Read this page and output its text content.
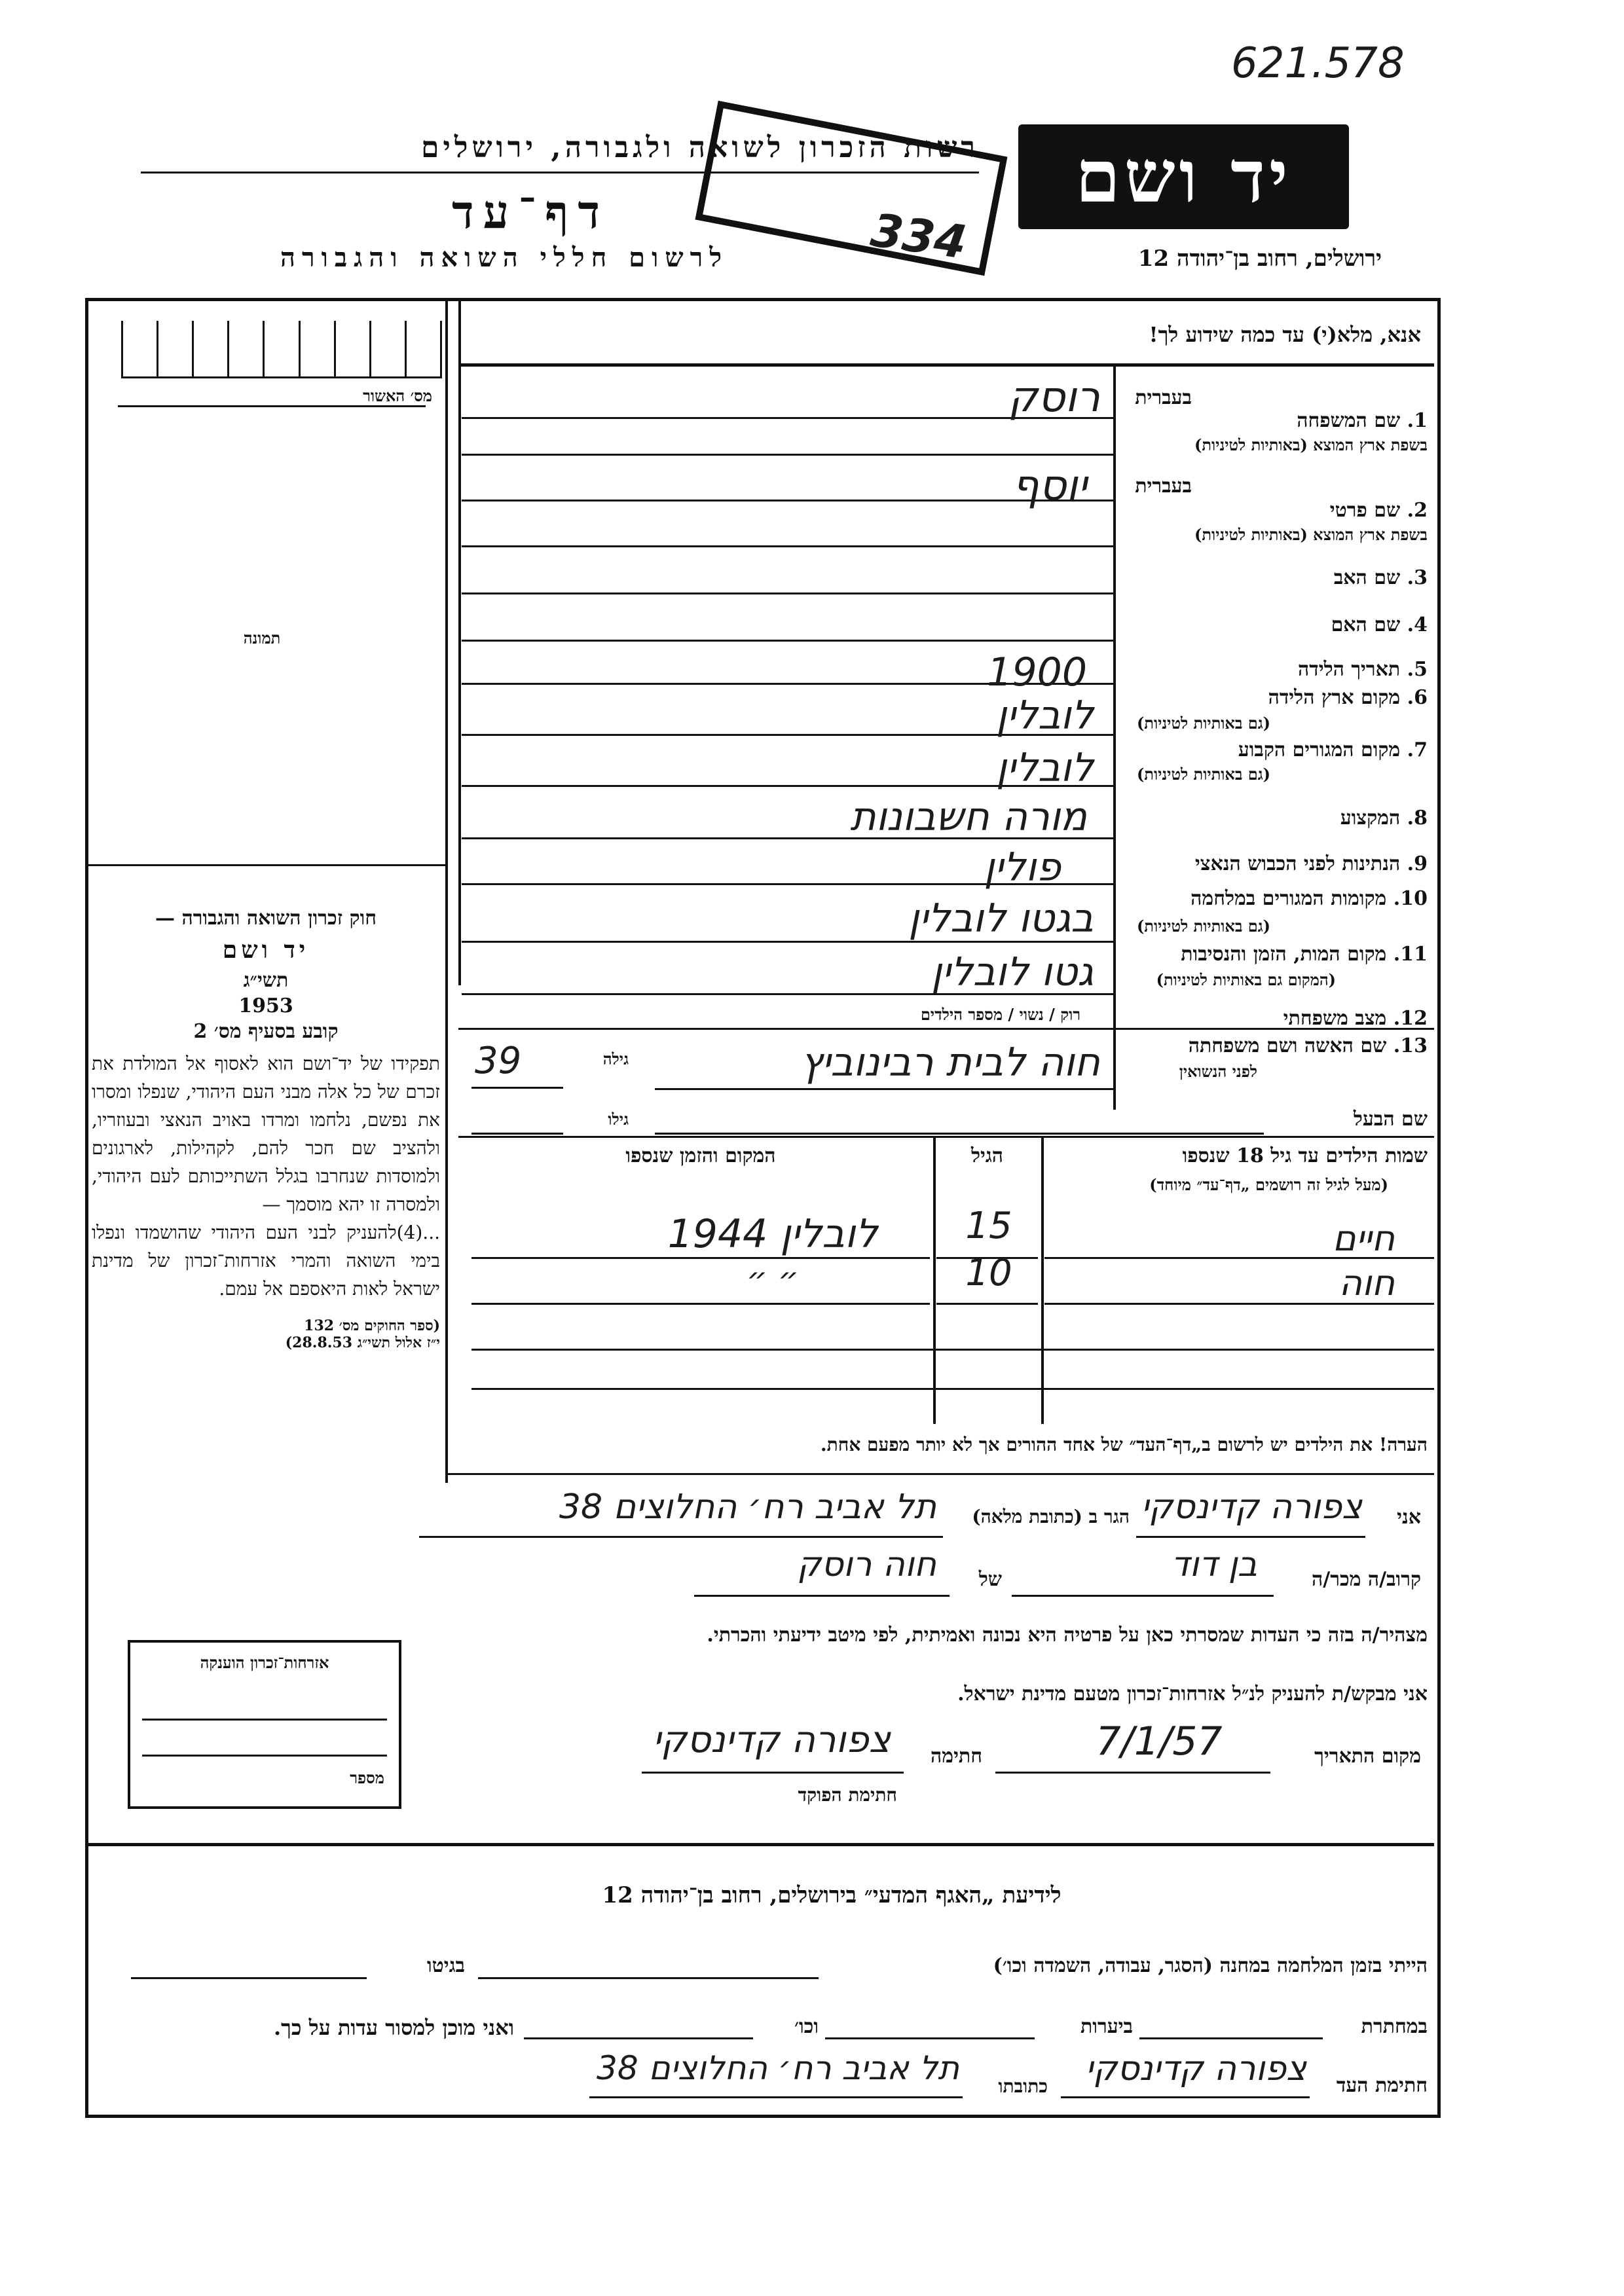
621.578
יד ושם
רשות הזכרון לשואה ולגבורה, ירושלים
דף־עד
לרשום חללי השואה והגבורה	ירושלים, רחוב בן־יהודה 12
334
מס׳ האשור
תמונה

חוק זכרון השואה והגבורה —

יד ושם

תשי״ג

1953

קובע בסעיף מס׳ 2

תפקידו של יד־ושם הוא לאסוף אל המולדת את זכרם של כל אלה מבני העם היהודי, שנפלו ומסרו את נפשם, נלחמו ומרדו באויב הנאצי ובעוזריו, ולהציב שם חכר להם, לקהילות, לארגונים ולמוסדות שנחרבו בגלל השתייכותם לעם היהודי, ולמסרה זו יהא מוסמך —

...(4)להעניק לבני העם היהודי שהושמדו ונפלו בימי השואה והמרי אזרחות־זכרון של מדינת ישראל לאות היאספם אל עמם.

(ספר החוקים מס׳ 132

י״ז אלול תשי״ג 28.8.53)

אנא, מלא(י) עד כמה שידוע לך!
בעברית
1. שם המשפחה
בשפת ארץ המוצא (באותיות לטיניות)
רוסק
בעברית
2. שם פרטי
בשפת ארץ המוצא (באותיות לטיניות)
יוסף
3. שם האב
4. שם האם
5. תאריך הלידה
1900
6. מקום ארץ הלידה
(גם באותיות לטיניות)
לובלין
7. מקום המגורים הקבוע
(גם באותיות לטיניות)
לובלין
8. המקצוע
מורה חשבונות
9. הנתינות לפני הכבוש הנאצי
פולין
10. מקומות המגורים במלחמה
(גם באותיות לטיניות)
בגטו לובלין
11. מקום המות, הזמן והנסיבות
(המקום גם באותיות לטיניות)
גטו לובלין
12. מצב משפחתי
רוק / נשוי / מספר הילדים
13. שם האשה ושם משפחתה
לפני הנשואין
חוה לבית רבינוביץ
גילה
39
שם הבעל
גילו
שמות הילדים עד גיל 18 שנספו
(מעל לגיל זה רושמים „דף־עד״ מיוחד)
הגיל
המקום והזמן שנספו
חיים
15
לובלין 1944
חוה
10
״ ״
הערה! את הילדים יש לרשום ב„דף־העד״ של אחד ההורים אך לא יותר מפעם אחת.
אני
צפורה קדינסקי
הגר ב (כתובת מלאה)
תל אביב רח׳ החלוצים 38
קרוב/ה מכר/ה
בן דוד
של
חוה רוסק
מצהיר/ה בזה כי העדות שמסרתי כאן על פרטיה היא נכונה ואמיתית, לפי מיטב ידיעתי והכרתי.
אני מבקש/ת להעניק לנ״ל אזרחות־זכרון מטעם מדינת ישראל.
מקום התאריך
7/1/57
חתימה
צפורה קדינסקי
חתימת הפוקד
אזרחות־זכרון הוענקה
מספר
לידיעת „האגף המדעי״ בירושלים, רחוב בן־יהודה 12
הייתי בזמן המלחמה במחנה (הסגר, עבודה, השמדה וכו׳)
בגיטו
במחתרת
ביערות
וכו׳
ואני מוכן למסור עדות על כך.
חתימת העד
צפורה קדינסקי
כתובתו
תל אביב רח׳ החלוצים 38
